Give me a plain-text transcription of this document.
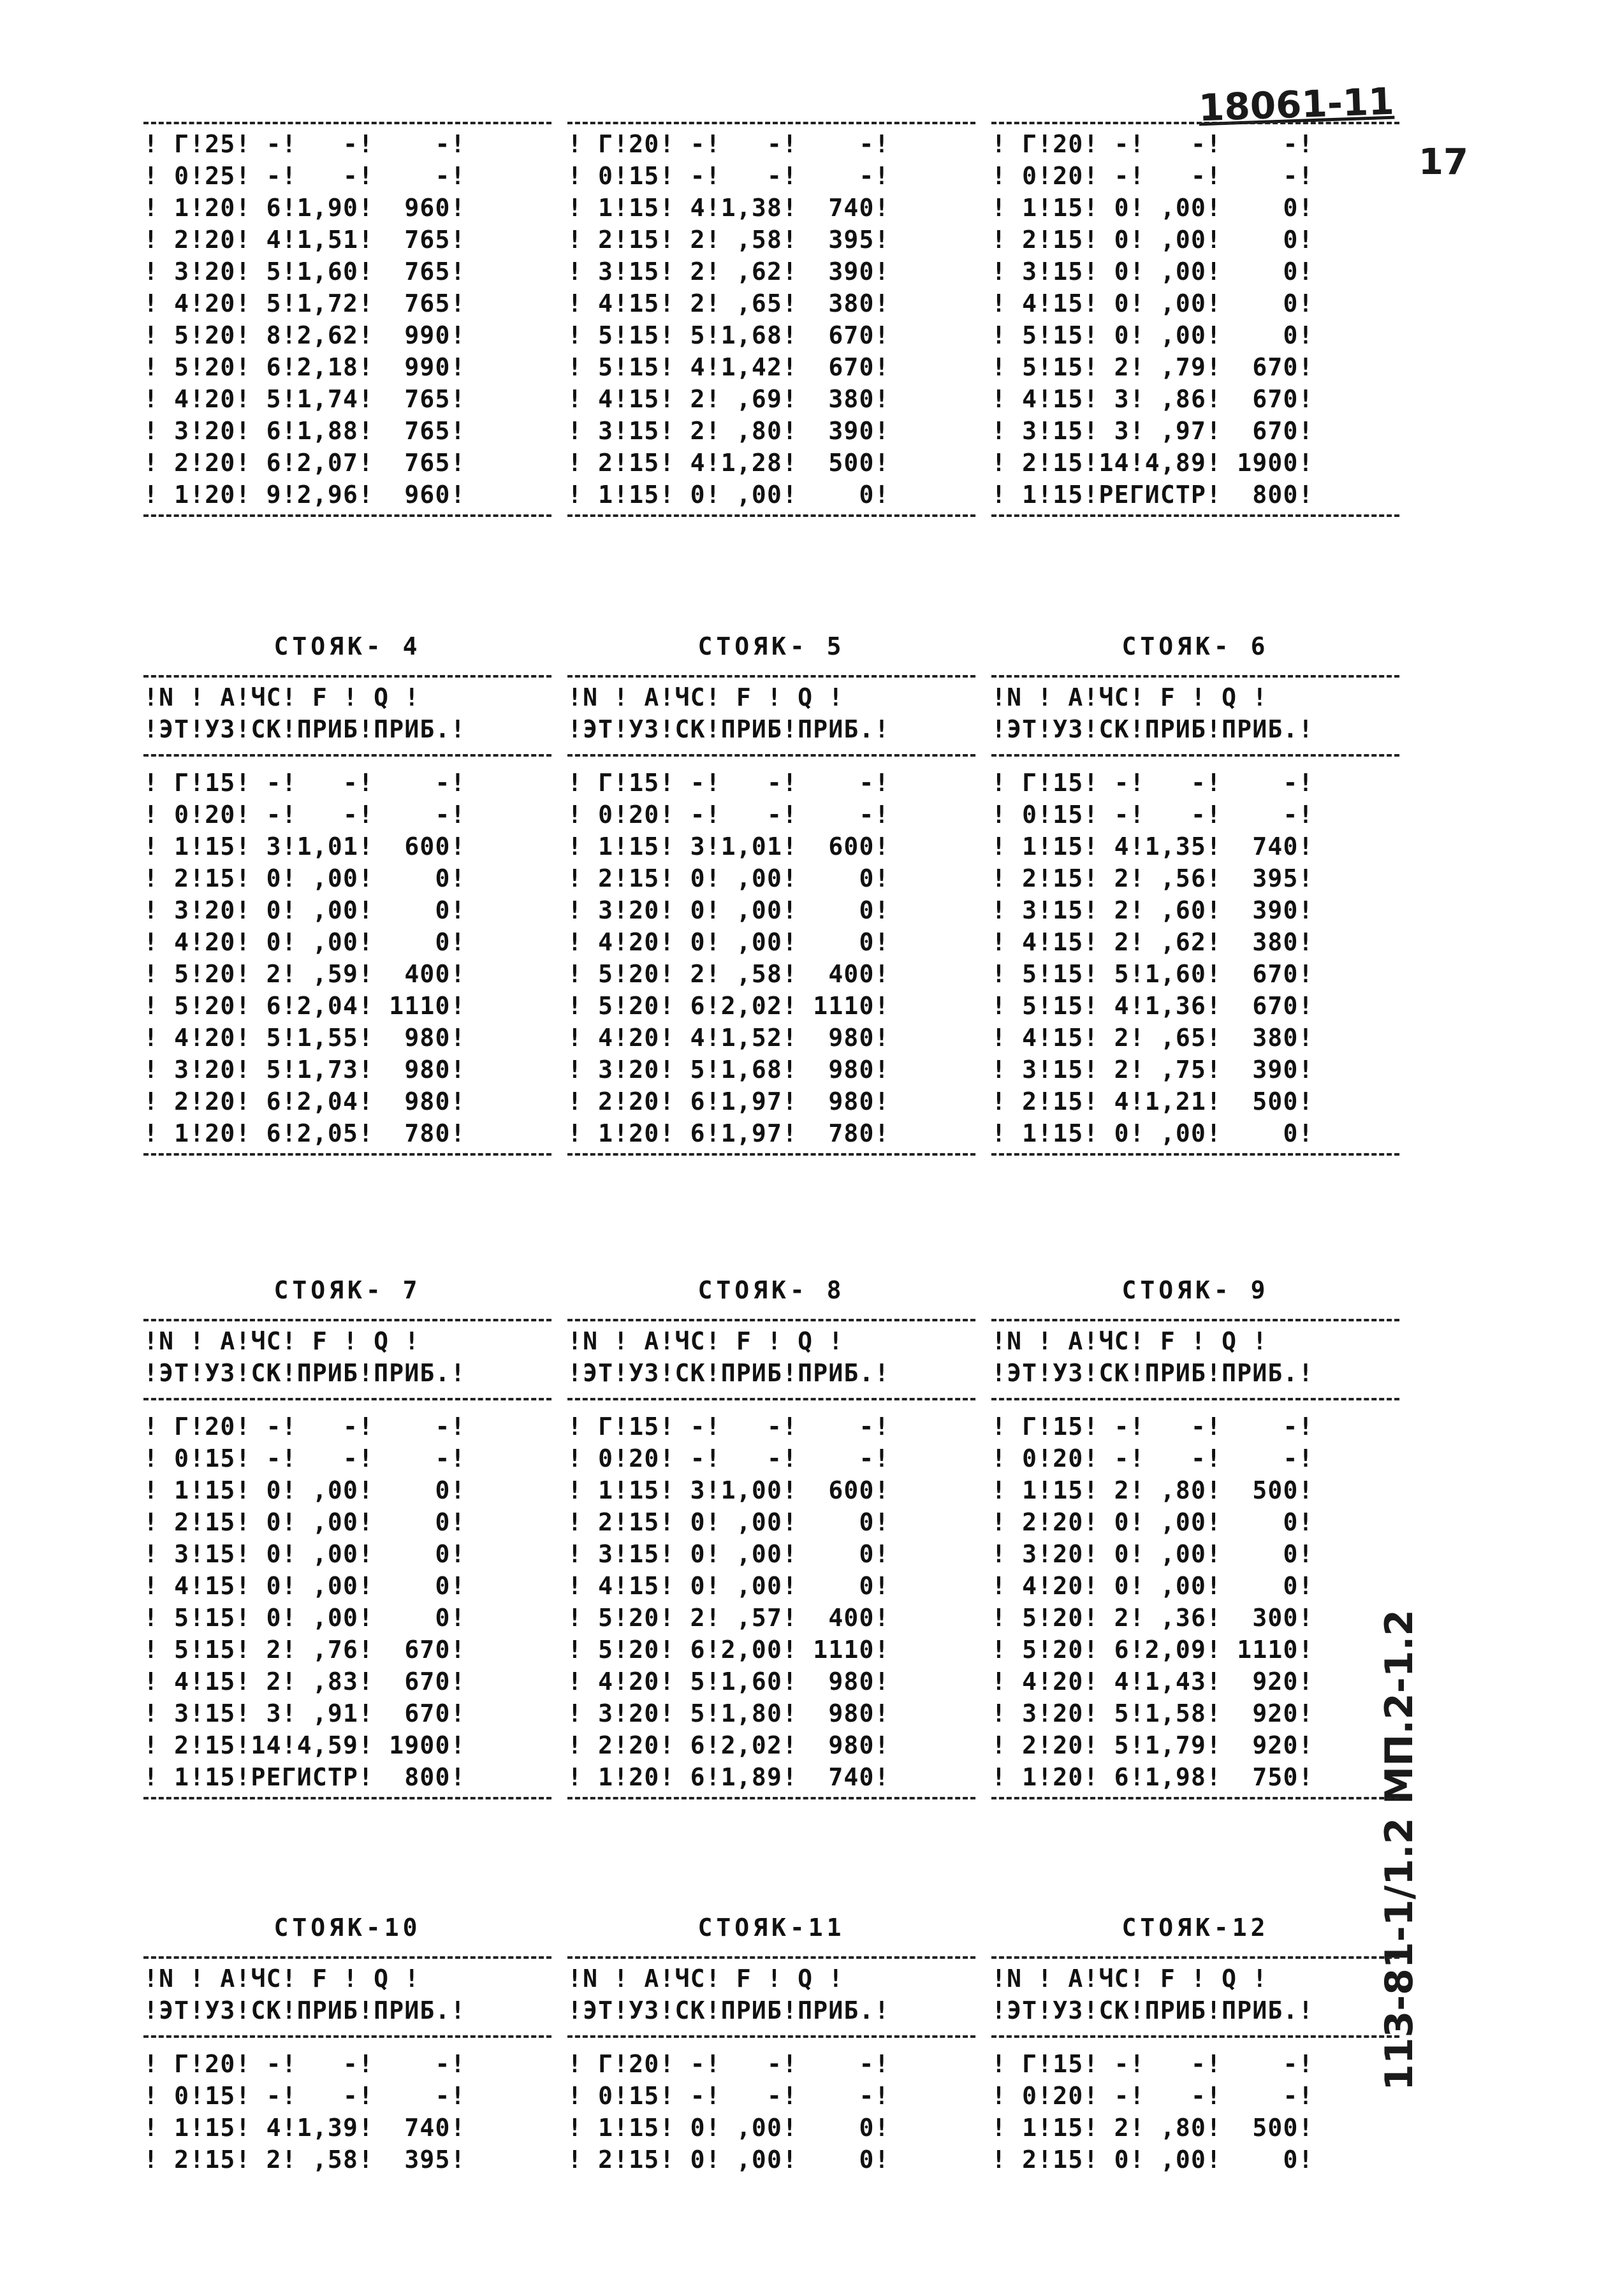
18061-11
17
113-81-1/1.2 МП.2-1.2
! Г!25! -!   -!    -!
! 0!25! -!   -!    -!
! 1!20! 6!1,90!  960!
! 2!20! 4!1,51!  765!
! 3!20! 5!1,60!  765!
! 4!20! 5!1,72!  765!
! 5!20! 8!2,62!  990!
! 5!20! 6!2,18!  990!
! 4!20! 5!1,74!  765!
! 3!20! 6!1,88!  765!
! 2!20! 6!2,07!  765!
! 1!20! 9!2,96!  960!
! Г!20! -!   -!    -!
! 0!15! -!   -!    -!
! 1!15! 4!1,38!  740!
! 2!15! 2! ,58!  395!
! 3!15! 2! ,62!  390!
! 4!15! 2! ,65!  380!
! 5!15! 5!1,68!  670!
! 5!15! 4!1,42!  670!
! 4!15! 2! ,69!  380!
! 3!15! 2! ,80!  390!
! 2!15! 4!1,28!  500!
! 1!15! 0! ,00!    0!
! Г!20! -!   -!    -!
! 0!20! -!   -!    -!
! 1!15! 0! ,00!    0!
! 2!15! 0! ,00!    0!
! 3!15! 0! ,00!    0!
! 4!15! 0! ,00!    0!
! 5!15! 0! ,00!    0!
! 5!15! 2! ,79!  670!
! 4!15! 3! ,86!  670!
! 3!15! 3! ,97!  670!
! 2!15!14!4,89! 1900!
! 1!15!РЕГИСТР!  800!
СТОЯК- 4
!N ! А!ЧС! F ! Q !
!ЭТ!УЗ!СК!ПРИБ!ПРИБ.!
! Г!15! -!   -!    -!
! 0!20! -!   -!    -!
! 1!15! 3!1,01!  600!
! 2!15! 0! ,00!    0!
! 3!20! 0! ,00!    0!
! 4!20! 0! ,00!    0!
! 5!20! 2! ,59!  400!
! 5!20! 6!2,04! 1110!
! 4!20! 5!1,55!  980!
! 3!20! 5!1,73!  980!
! 2!20! 6!2,04!  980!
! 1!20! 6!2,05!  780!
СТОЯК- 5
!N ! А!ЧС! F ! Q !
!ЭТ!УЗ!СК!ПРИБ!ПРИБ.!
! Г!15! -!   -!    -!
! 0!20! -!   -!    -!
! 1!15! 3!1,01!  600!
! 2!15! 0! ,00!    0!
! 3!20! 0! ,00!    0!
! 4!20! 0! ,00!    0!
! 5!20! 2! ,58!  400!
! 5!20! 6!2,02! 1110!
! 4!20! 4!1,52!  980!
! 3!20! 5!1,68!  980!
! 2!20! 6!1,97!  980!
! 1!20! 6!1,97!  780!
СТОЯК- 6
!N ! А!ЧС! F ! Q !
!ЭТ!УЗ!СК!ПРИБ!ПРИБ.!
! Г!15! -!   -!    -!
! 0!15! -!   -!    -!
! 1!15! 4!1,35!  740!
! 2!15! 2! ,56!  395!
! 3!15! 2! ,60!  390!
! 4!15! 2! ,62!  380!
! 5!15! 5!1,60!  670!
! 5!15! 4!1,36!  670!
! 4!15! 2! ,65!  380!
! 3!15! 2! ,75!  390!
! 2!15! 4!1,21!  500!
! 1!15! 0! ,00!    0!
СТОЯК- 7
!N ! А!ЧС! F ! Q !
!ЭТ!УЗ!СК!ПРИБ!ПРИБ.!
! Г!20! -!   -!    -!
! 0!15! -!   -!    -!
! 1!15! 0! ,00!    0!
! 2!15! 0! ,00!    0!
! 3!15! 0! ,00!    0!
! 4!15! 0! ,00!    0!
! 5!15! 0! ,00!    0!
! 5!15! 2! ,76!  670!
! 4!15! 2! ,83!  670!
! 3!15! 3! ,91!  670!
! 2!15!14!4,59! 1900!
! 1!15!РЕГИСТР!  800!
СТОЯК- 8
!N ! А!ЧС! F ! Q !
!ЭТ!УЗ!СК!ПРИБ!ПРИБ.!
! Г!15! -!   -!    -!
! 0!20! -!   -!    -!
! 1!15! 3!1,00!  600!
! 2!15! 0! ,00!    0!
! 3!15! 0! ,00!    0!
! 4!15! 0! ,00!    0!
! 5!20! 2! ,57!  400!
! 5!20! 6!2,00! 1110!
! 4!20! 5!1,60!  980!
! 3!20! 5!1,80!  980!
! 2!20! 6!2,02!  980!
! 1!20! 6!1,89!  740!
СТОЯК- 9
!N ! А!ЧС! F ! Q !
!ЭТ!УЗ!СК!ПРИБ!ПРИБ.!
! Г!15! -!   -!    -!
! 0!20! -!   -!    -!
! 1!15! 2! ,80!  500!
! 2!20! 0! ,00!    0!
! 3!20! 0! ,00!    0!
! 4!20! 0! ,00!    0!
! 5!20! 2! ,36!  300!
! 5!20! 6!2,09! 1110!
! 4!20! 4!1,43!  920!
! 3!20! 5!1,58!  920!
! 2!20! 5!1,79!  920!
! 1!20! 6!1,98!  750!
СТОЯК-10
!N ! А!ЧС! F ! Q !
!ЭТ!УЗ!СК!ПРИБ!ПРИБ.!
! Г!20! -!   -!    -!
! 0!15! -!   -!    -!
! 1!15! 4!1,39!  740!
! 2!15! 2! ,58!  395!
СТОЯК-11
!N ! А!ЧС! F ! Q !
!ЭТ!УЗ!СК!ПРИБ!ПРИБ.!
! Г!20! -!   -!    -!
! 0!15! -!   -!    -!
! 1!15! 0! ,00!    0!
! 2!15! 0! ,00!    0!
СТОЯК-12
!N ! А!ЧС! F ! Q !
!ЭТ!УЗ!СК!ПРИБ!ПРИБ.!
! Г!15! -!   -!    -!
! 0!20! -!   -!    -!
! 1!15! 2! ,80!  500!
! 2!15! 0! ,00!    0!
